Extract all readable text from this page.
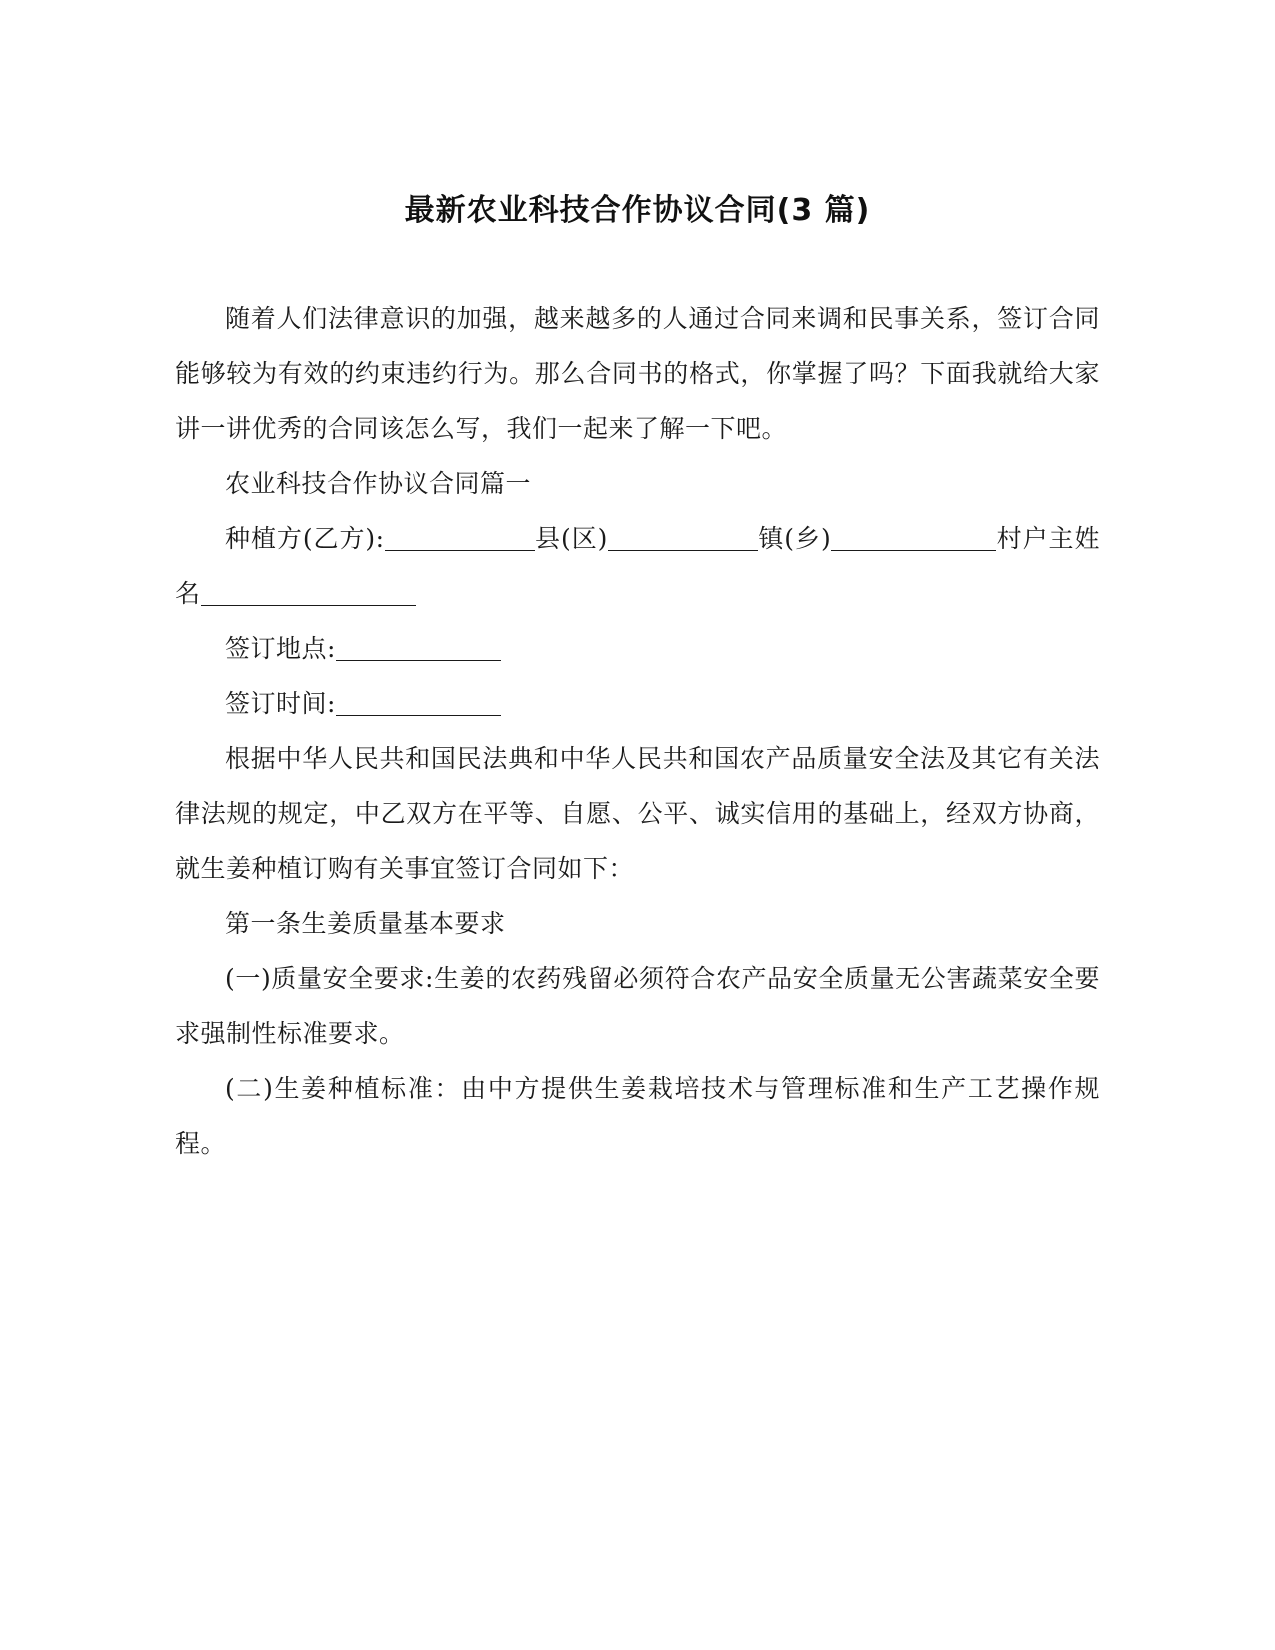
最新农业科技合作协议合同(3 篇)

随着人们法律意识的加强，越来越多的人通过合同来调和民事关系，签订合同能够较为有效的约束违约行为。那么合同书的格式，你掌握了吗？下面我就给大家讲一讲优秀的合同该怎么写，我们一起来了解一下吧。

农业科技合作协议合同篇一

种植方(乙方):	县(区)	镇(乡)	村户主姓名

签订地点:

签订时间:

根据中华人民共和国民法典和中华人民共和国农产品质量安全法及其它有关法律法规的规定，中乙双方在平等、自愿、公平、诚实信用的基础上，经双方协商，就生姜种植订购有关事宜签订合同如下：

第一条生姜质量基本要求

(一)质量安全要求:生姜的农药残留必须符合农产品安全质量无公害蔬菜安全要求强制性标准要求。

(二)生姜种植标准：由中方提供生姜栽培技术与管理标准和生产工艺操作规程。
